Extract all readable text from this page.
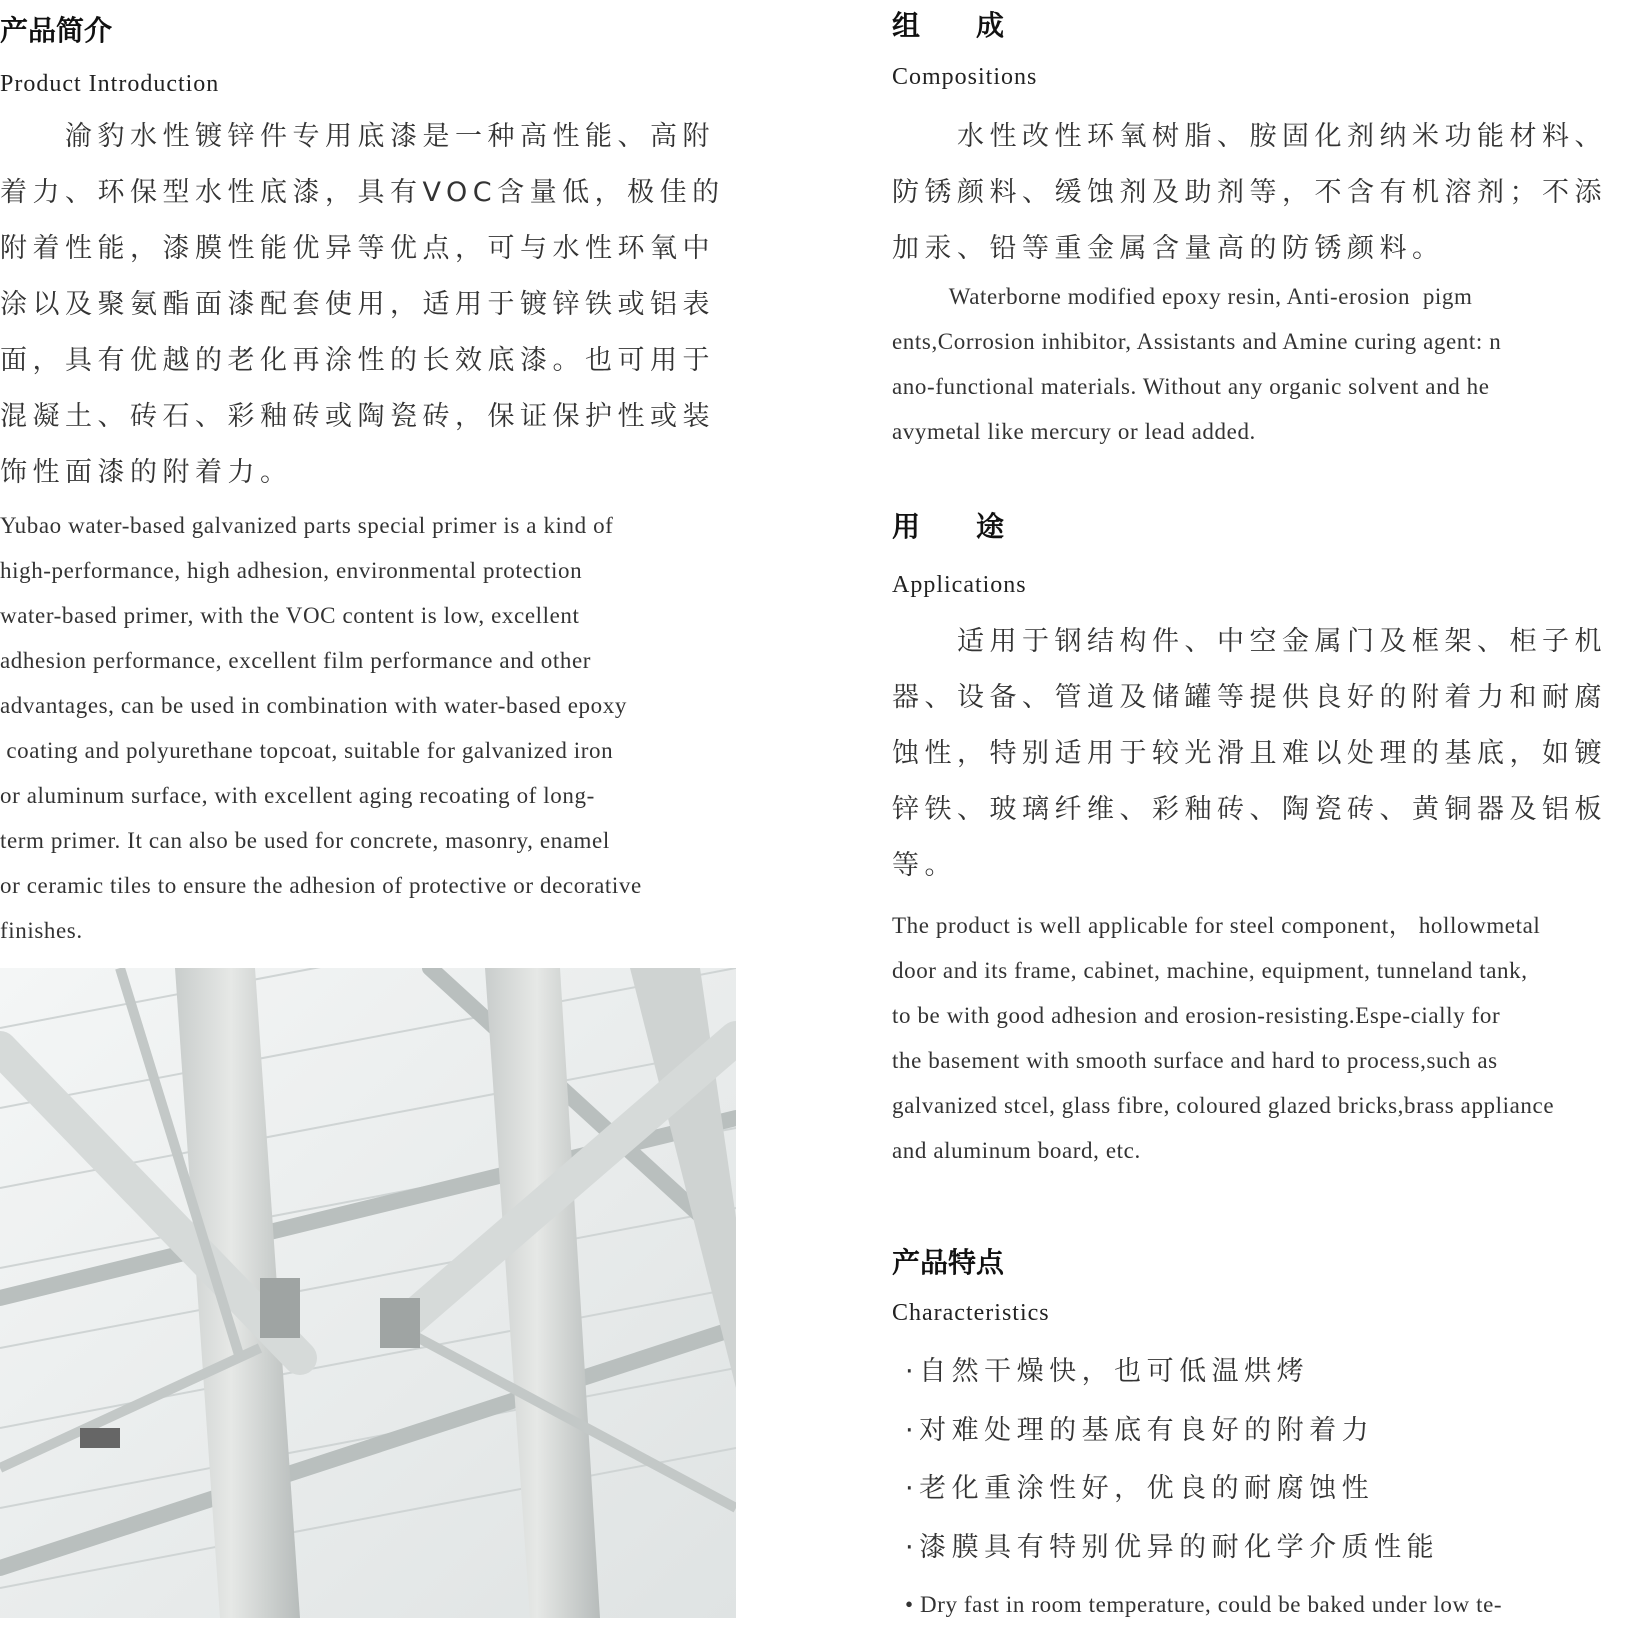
产品简介
Product Introduction
　　渝豹水性镀锌件专用底漆是一种高性能、高附
着力、环保型水性底漆，具有VOC含量低，极佳的
附着性能，漆膜性能优异等优点，可与水性环氧中
涂以及聚氨酯面漆配套使用，适用于镀锌铁或铝表
面，具有优越的老化再涂性的长效底漆。也可用于
混凝土、砖石、彩釉砖或陶瓷砖，保证保护性或装
饰性面漆的附着力。
Yubao water-based galvanized parts special primer is a kind of
high-performance, high adhesion, environmental protection
water-based primer, with the VOC content is low, excellent
adhesion performance, excellent film performance and other
advantages, can be used in combination with water-based epoxy
coating and polyurethane topcoat, suitable for galvanized iron
or aluminum surface, with excellent aging recoating of long-
term primer. It can also be used for concrete, masonry, enamel
or ceramic tiles to ensure the adhesion of protective or decorative
finishes.
组　　成
Compositions
　　水性改性环氧树脂、胺固化剂纳米功能材料、
防锈颜料、缓蚀剂及助剂等，不含有机溶剂；不添
加汞、铅等重金属含量高的防锈颜料。
Waterborne modified epoxy resin, Anti-erosion  pigm
ents,Corrosion inhibitor, Assistants and Amine curing agent: n
ano-functional materials. Without any organic solvent and he
avymetal like mercury or lead added.
用　　途
Applications
　　适用于钢结构件、中空金属门及框架、柜子机
器、设备、管道及储罐等提供良好的附着力和耐腐
蚀性，特别适用于较光滑且难以处理的基底，如镀
锌铁、玻璃纤维、彩釉砖、陶瓷砖、黄铜器及铝板
等。
The product is well applicable for steel component， hollowmetal
door and its frame, cabinet, machine, equipment, tunneland tank,
to be with good adhesion and erosion-resisting.Espe-cially for
the basement with smooth surface and hard to process,such as
galvanized stcel, glass fibre, coloured glazed bricks,brass appliance
and aluminum board, etc.
产品特点
Characteristics
·自然干燥快，也可低温烘烤
·对难处理的基底有良好的附着力
·老化重涂性好，优良的耐腐蚀性
·漆膜具有特别优异的耐化学介质性能
• Dry fast in room temperature, could be baked under low te-
